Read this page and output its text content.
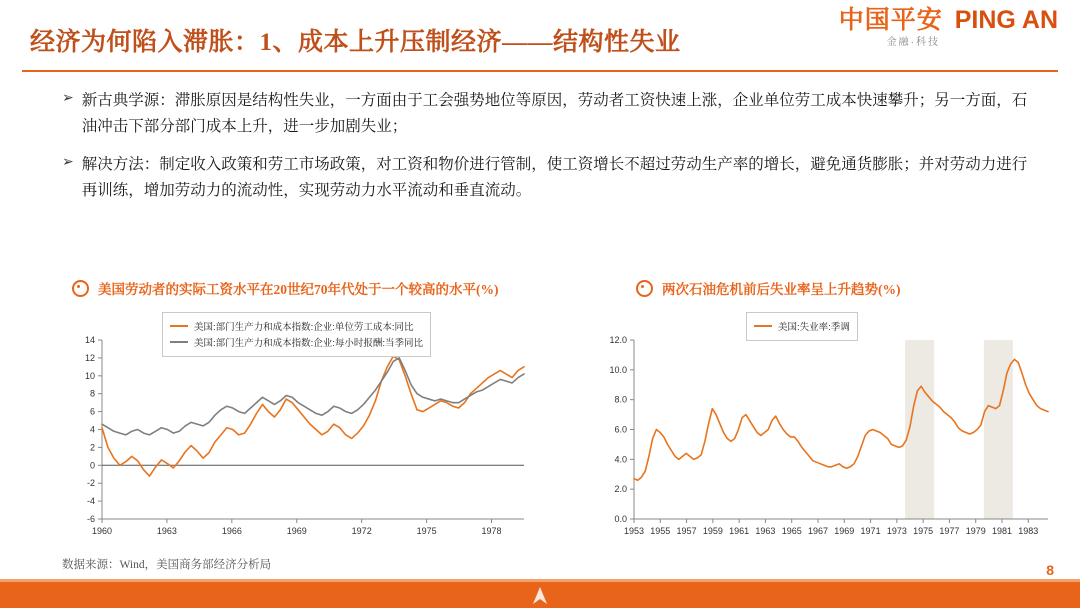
中国平安 PING AN
金融·科技
经济为何陷入滞胀：1、成本上升压制经济——结构性失业
➢ 新古典学源：滞胀原因是结构性失业，一方面由于工会强势地位等原因，劳动者工资快速上涨，企业单位劳工成本快速攀升；另一方面，石油冲击下部分部门成本上升，进一步加剧失业；
➢ 解决方法：制定收入政策和劳工市场政策，对工资和物价进行管制，使工资增长不超过劳动生产率的增长，避免通货膨胀；并对劳动力进行再训练，增加劳动力的流动性，实现劳动力水平流动和垂直流动。
美国劳动者的实际工资水平在20世纪70年代处于一个较高的水平(%)
-6
-4
-2
0
2
4
6
8
10
12
14
1960	1963	1966	1969	1972	1975	1978
美国:部门生产力和成本指数:企业:单位劳工成本:同比
美国:部门生产力和成本指数:企业:每小时报酬:当季同比
两次石油危机前后失业率呈上升趋势(%)
0.0
2.0
4.0
6.0
8.0
10.0
12.0
1953 1955 1957 1959 1961 1963 1965 1967 1969 1971 1973 1975 1977 1979 1981 1983
美国:失业率:季调
数据来源：Wind，美国商务部经济分析局	8
